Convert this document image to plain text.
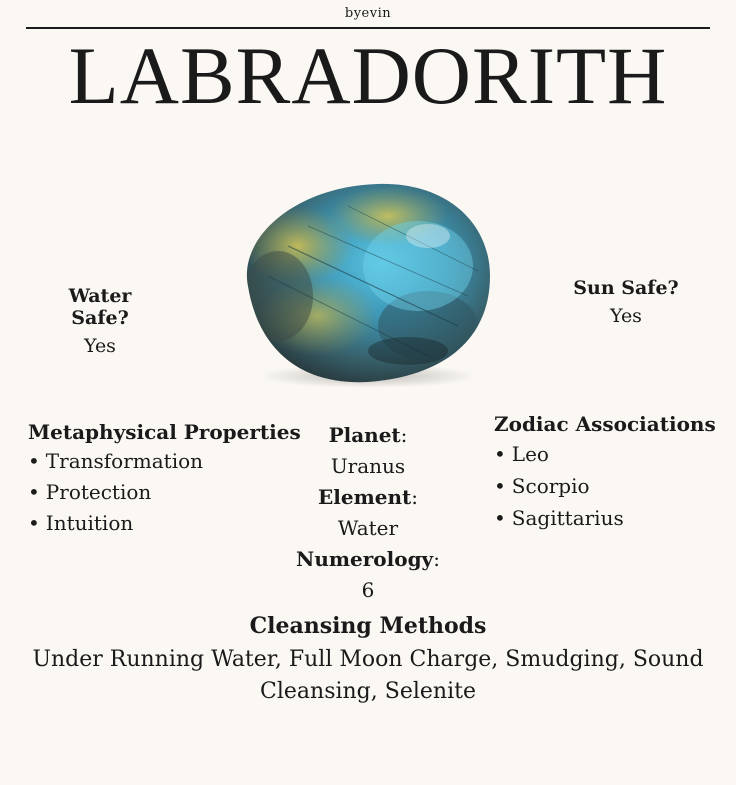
byevin
LABRADORITH
Water Safe?
Yes
Sun Safe?
Yes
Metaphysical Properties
• Transformation
• Protection
• Intuition
Planet:
Uranus
Element:
Water
Numerology:
6
Zodiac Associations
• Leo
• Scorpio
• Sagittarius
Cleansing Methods
Under Running Water, Full Moon Charge, Smudging, Sound Cleansing, Selenite
